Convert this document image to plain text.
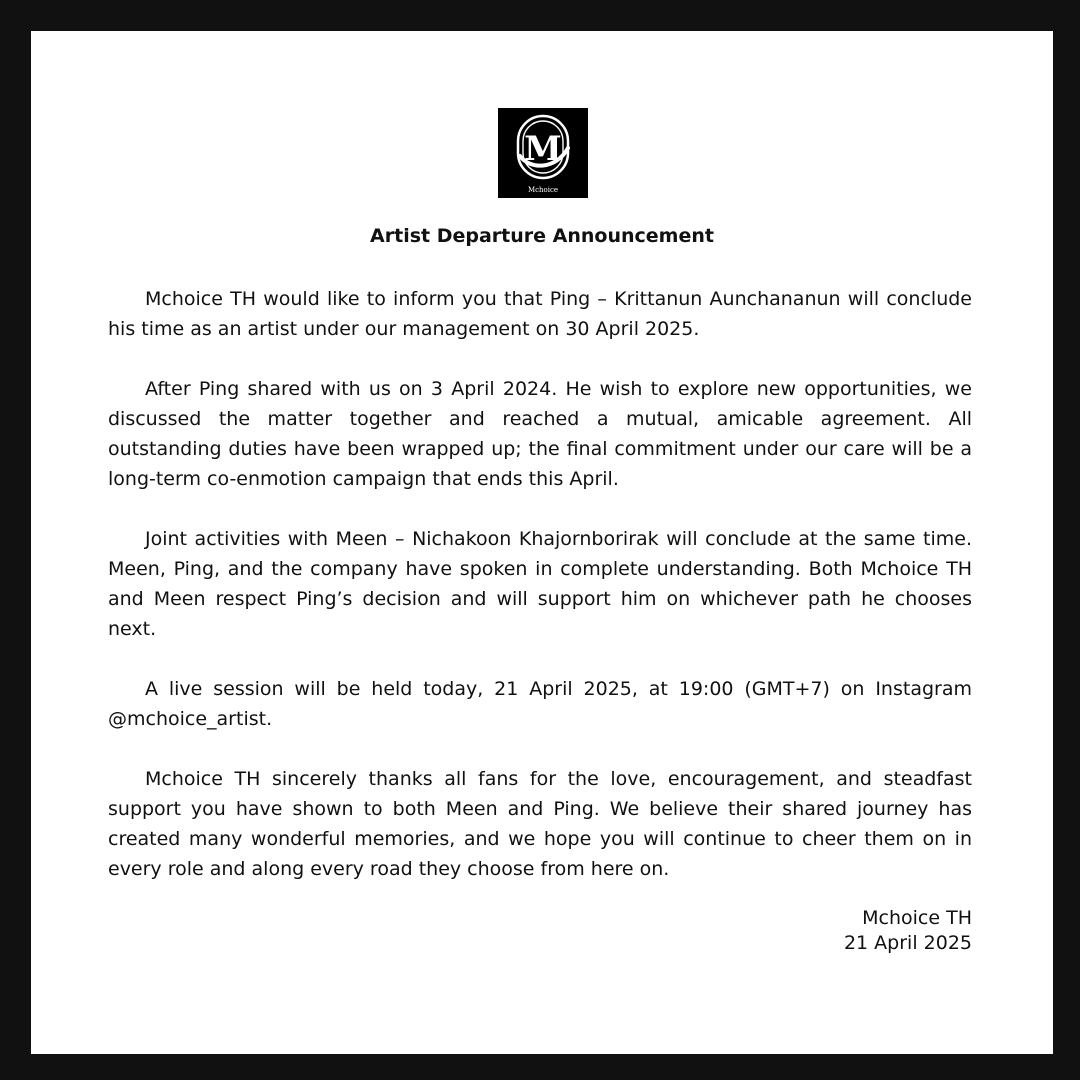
M
Mchoice
Artist Departure Announcement

Mchoice TH would like to inform you that Ping – Krittanun Aunchananun will conclude his time as an artist under our management on 30 April 2025.

After Ping shared with us on 3 April 2024. He wish to explore new opportunities, we discussed the matter together and reached a mutual, amicable agreement. All outstanding duties have been wrapped up; the final commitment under our care will be a long-term co-enmotion campaign that ends this April.

Joint activities with Meen – Nichakoon Khajornborirak will conclude at the same time. Meen, Ping, and the company have spoken in complete understanding. Both Mchoice TH and Meen respect Ping’s decision and will support him on whichever path he chooses next.

A live session will be held today, 21 April 2025, at 19:00 (GMT+7) on Instagram @mchoice_artist.

Mchoice TH sincerely thanks all fans for the love, encouragement, and steadfast support you have shown to both Meen and Ping. We believe their shared journey has created many wonderful memories, and we hope you will continue to cheer them on in every role and along every road they choose from here on.

Mchoice TH
21 April 2025
